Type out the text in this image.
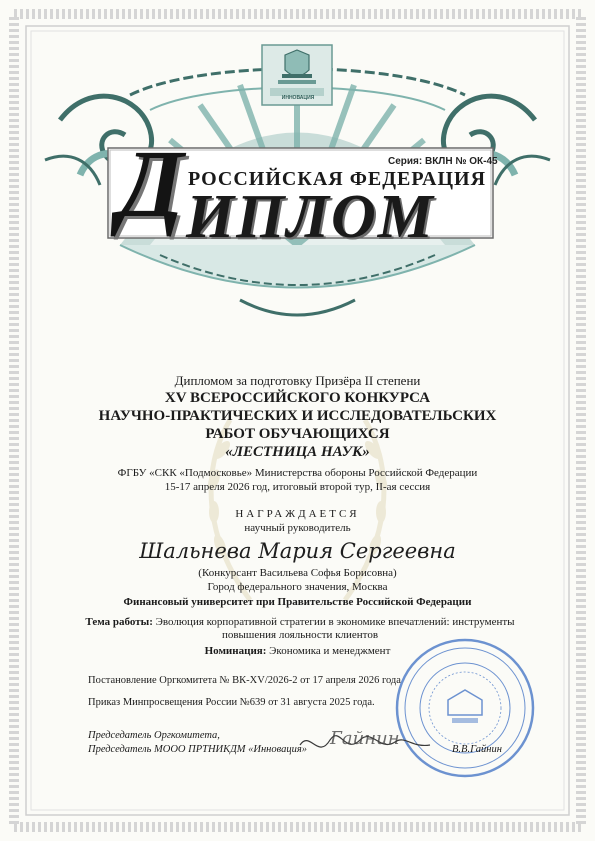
Серия: ВКЛН № ОК-45
ИННОВАЦИЯ
РОССИЙСКАЯ ФЕДЕРАЦИЯ
Д ИПЛОМ
Дипломом за подготовку Призёра II степени
XV ВСЕРОССИЙСКОГО КОНКУРСА
НАУЧНО-ПРАКТИЧЕСКИХ И ИССЛЕДОВАТЕЛЬСКИХ
РАБОТ ОБУЧАЮЩИХСЯ
«ЛЕСТНИЦА НАУК»
ФГБУ «СКК «Подмосковье» Министерства обороны Российской Федерации
15-17 апреля 2026 год, итоговый второй тур, II-ая сессия
НАГРАЖДАЕТСЯ
научный руководитель
Шальнева Мария Сергеевна
(Конкурсант Васильева Софья Борисовна)
Город федерального значения, Москва
Финансовый университет при Правительстве Российской Федерации
Тема работы: Эволюция корпоративной стратегии в экономике впечатлений: инструменты
повышения лояльности клиентов
Номинация: Экономика и менеджмент
Постановление Оргкомитета № ВК-XV/2026-2 от 17 апреля 2026 года
Приказ Минпросвещения России №639 от 31 августа 2025 года.
Председатель Оргкомитета,
Председатель МООО ПРТНИКДМ «Инновация»
Гайнин
В.В.Гайнин
